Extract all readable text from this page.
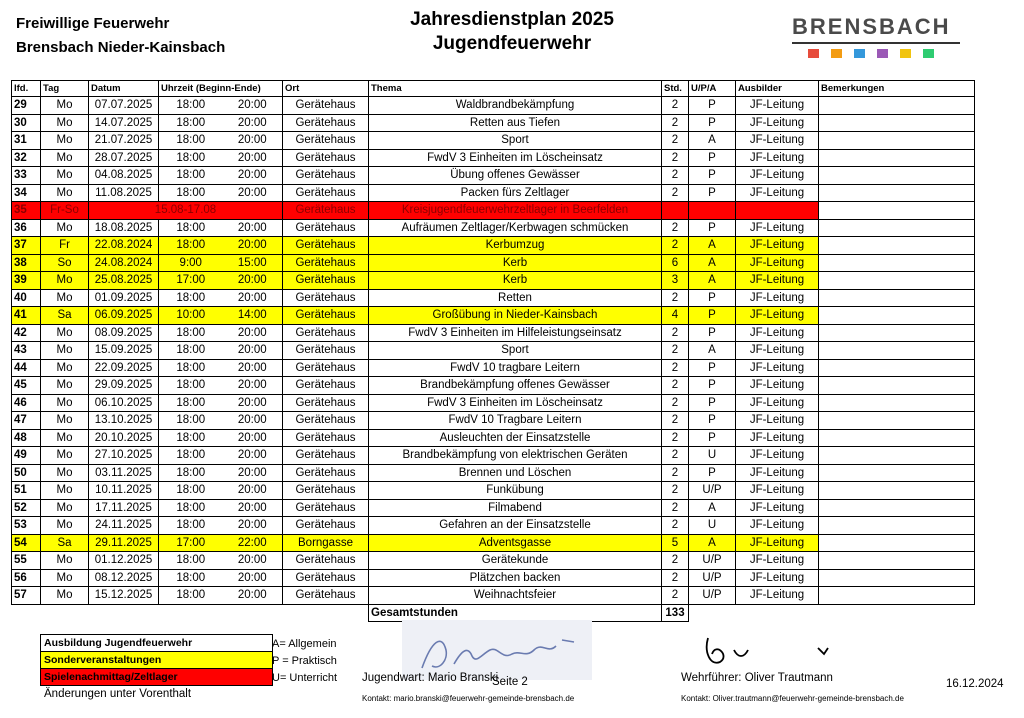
Freiwillige Feuerwehr
Brensbach Nieder-Kainsbach
Jahresdienstplan 2025
Jugendfeuerwehr
BRENSBACH
lfd.	Tag	Datum	Uhrzeit (Beginn-Ende)		Ort	Thema	Std.	U/P/A	Ausbilder	Bemerkungen
29	Mo	07.07.2025	18:00	20:00	Gerätehaus	Waldbrandbekämpfung	2	P	JF-Leitung	
30	Mo	14.07.2025	18:00	20:00	Gerätehaus	Retten aus Tiefen	2	P	JF-Leitung	
31	Mo	21.07.2025	18:00	20:00	Gerätehaus	Sport	2	A	JF-Leitung	
32	Mo	28.07.2025	18:00	20:00	Gerätehaus	FwdV 3 Einheiten im Löscheinsatz	2	P	JF-Leitung	
33	Mo	04.08.2025	18:00	20:00	Gerätehaus	Übung offenes Gewässer	2	P	JF-Leitung	
34	Mo	11.08.2025	18:00	20:00	Gerätehaus	Packen fürs Zeltlager	2	P	JF-Leitung	
35	Fr-So	15.08-17.08			Gerätehaus	Kreisjugendfeuerwehrzeltlager in Beerfelden				
36	Mo	18.08.2025	18:00	20:00	Gerätehaus	Aufräumen Zeltlager/Kerbwagen schmücken	2	P	JF-Leitung	
37	Fr	22.08.2024	18:00	20:00	Gerätehaus	Kerbumzug	2	A	JF-Leitung	
38	So	24.08.2024	9:00	15:00	Gerätehaus	Kerb	6	A	JF-Leitung	
39	Mo	25.08.2025	17:00	20:00	Gerätehaus	Kerb	3	A	JF-Leitung	
40	Mo	01.09.2025	18:00	20:00	Gerätehaus	Retten	2	P	JF-Leitung	
41	Sa	06.09.2025	10:00	14:00	Gerätehaus	Großübung in Nieder-Kainsbach	4	P	JF-Leitung	
42	Mo	08.09.2025	18:00	20:00	Gerätehaus	FwdV 3 Einheiten im Hilfeleistungseinsatz	2	P	JF-Leitung	
43	Mo	15.09.2025	18:00	20:00	Gerätehaus	Sport	2	A	JF-Leitung	
44	Mo	22.09.2025	18:00	20:00	Gerätehaus	FwdV 10 tragbare Leitern	2	P	JF-Leitung	
45	Mo	29.09.2025	18:00	20:00	Gerätehaus	Brandbekämpfung offenes Gewässer	2	P	JF-Leitung	
46	Mo	06.10.2025	18:00	20:00	Gerätehaus	FwdV 3 Einheiten im Löscheinsatz	2	P	JF-Leitung	
47	Mo	13.10.2025	18:00	20:00	Gerätehaus	FwdV 10 Tragbare Leitern	2	P	JF-Leitung	
48	Mo	20.10.2025	18:00	20:00	Gerätehaus	Ausleuchten der Einsatzstelle	2	P	JF-Leitung	
49	Mo	27.10.2025	18:00	20:00	Gerätehaus	Brandbekämpfung von elektrischen Geräten	2	U	JF-Leitung	
50	Mo	03.11.2025	18:00	20:00	Gerätehaus	Brennen und Löschen	2	P	JF-Leitung	
51	Mo	10.11.2025	18:00	20:00	Gerätehaus	Funkübung	2	U/P	JF-Leitung	
52	Mo	17.11.2025	18:00	20:00	Gerätehaus	Filmabend	2	A	JF-Leitung	
53	Mo	24.11.2025	18:00	20:00	Gerätehaus	Gefahren an der Einsatzstelle	2	U	JF-Leitung	
54	Sa	29.11.2025	17:00	22:00	Borngasse	Adventsgasse	5	A	JF-Leitung	
55	Mo	01.12.2025	18:00	20:00	Gerätehaus	Gerätekunde	2	U/P	JF-Leitung	
56	Mo	08.12.2025	18:00	20:00	Gerätehaus	Plätzchen backen	2	U/P	JF-Leitung	
57	Mo	15.12.2025	18:00	20:00	Gerätehaus	Weihnachtsfeier	2	U/P	JF-Leitung	
						Gesamtstunden	133			
Ausbildung Jugendfeuerwehr
Sonderveranstaltungen
Spielenachmittag/Zeltlager
A= Allgemein
P = Praktisch
U= Unterricht
Änderungen unter Vorenthalt
Jugendwart: Mario Branski
Seite 2	Wehrführer: Oliver Trautmann	16.12.2024
Kontakt: mario.branski@feuerwehr-gemeinde-brensbach.de	Kontakt: Oliver.trautmann@feuerwehr-gemeinde-brensbach.de
